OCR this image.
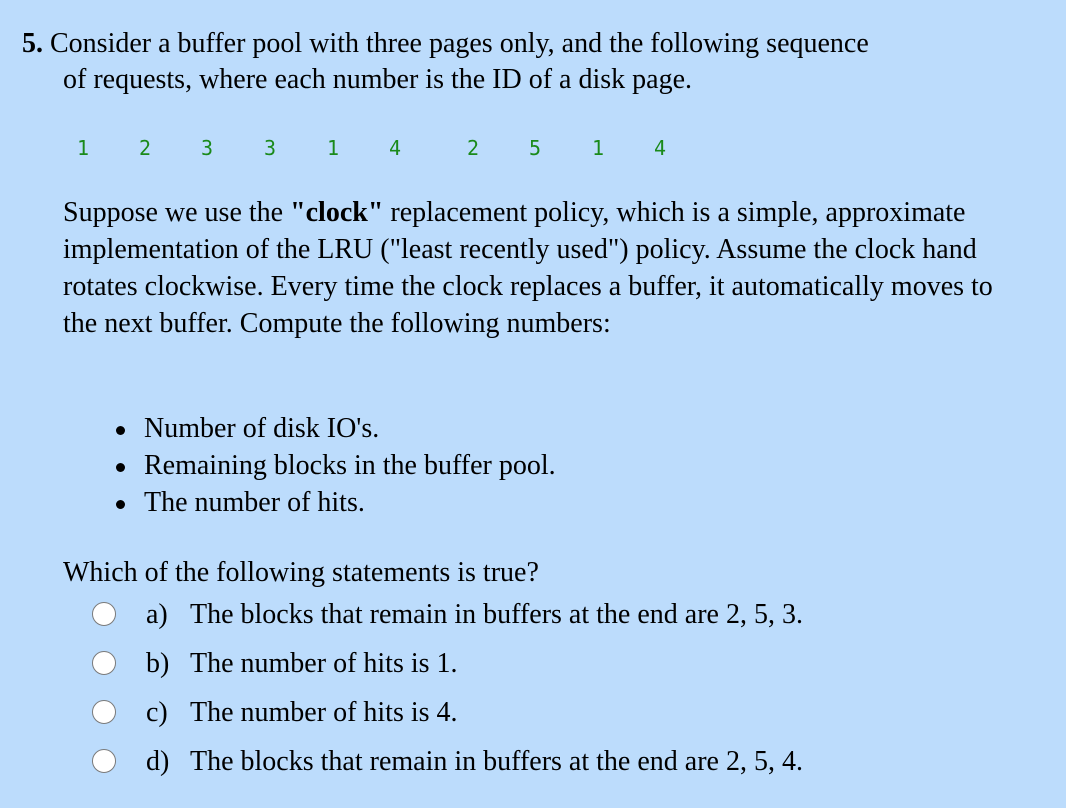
5. Consider a buffer pool with three pages only, and the following sequence
of requests, where each number is the ID of a disk page.
1 2 3	3	1 4	2 5	1 4

Suppose we use the "clock" replacement policy, which is a simple, approximate implementation of the LRU ("least recently used") policy. Assume the clock hand rotates clockwise. Every time the clock replaces a buffer, it automatically moves to the next buffer. Compute the following numbers:

Number of disk IO's.
Remaining blocks in the buffer pool.
The number of hits.
Which of the following statements is true?
a) The blocks that remain in buffers at the end are 2, 5, 3.
b) The number of hits is 1.
c) The number of hits is 4.
d) The blocks that remain in buffers at the end are 2, 5, 4.
